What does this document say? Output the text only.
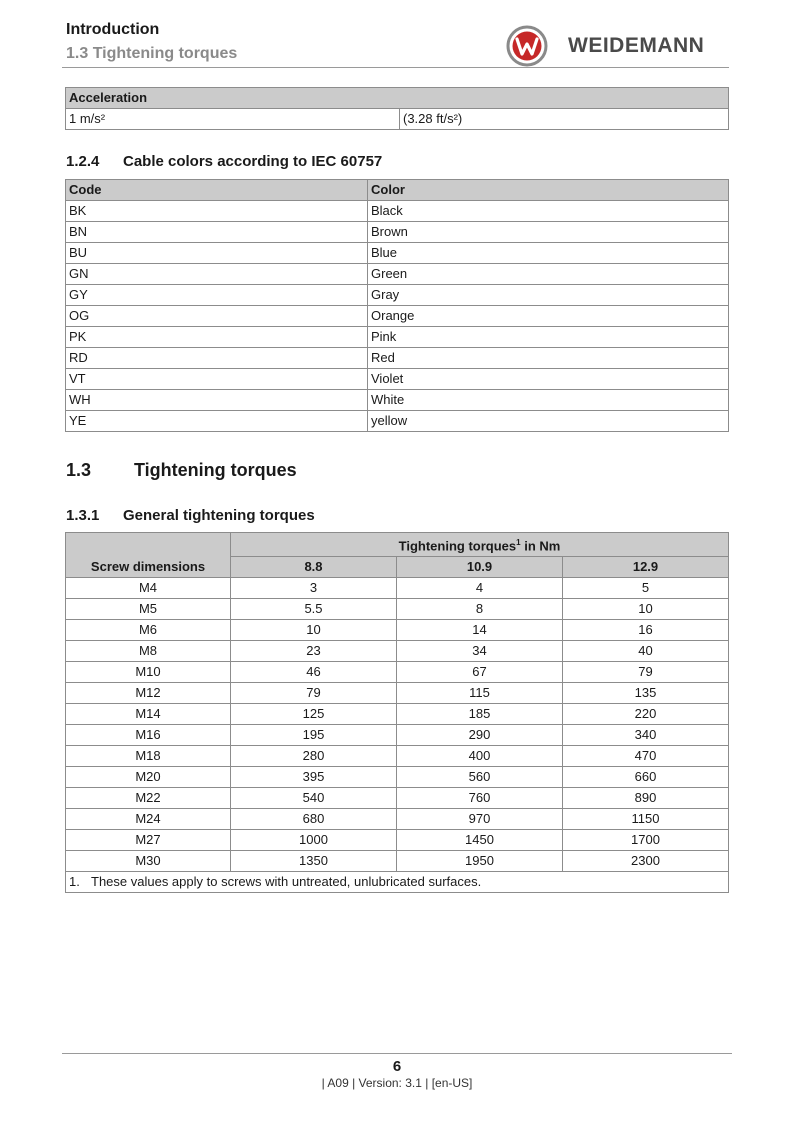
Introduction
1.3 Tightening torques	WEIDEMANN
Acceleration
1 m/s²	(3.28 ft/s²)
1.2.4 Cable colors according to IEC 60757
Code	Color
BK	Black
BN	Brown
BU	Blue
GN	Green
GY	Gray
OG	Orange
PK	Pink
RD	Red
VT	Violet
WH	White
YE	yellow
1.3 Tightening torques
1.3.1 General tightening torques
Screw dimensions	Tightening torques$^1$ in Nm		
	8.8	10.9	12.9
M4	3	4	5
M5	5.5	8	10
M6	10	14	16
M8	23	34	40
M10	46	67	79
M12	79	115	135
M14	125	185	220
M16	195	290	340
M18	280	400	470
M20	395	560	660
M22	540	760	890
M24	680	970	1150
M27	1000	1450	1700
M30	1350	1950	2300
1. These values apply to screws with untreated, unlubricated surfaces.			
6
| A09 | Version: 3.1 | [en-US]
